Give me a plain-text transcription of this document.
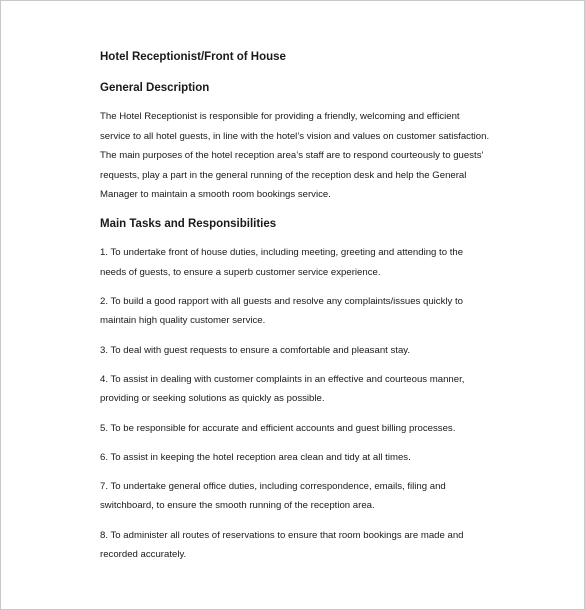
Hotel Receptionist/Front of House
General Description

The Hotel Receptionist is responsible for providing a friendly, welcoming and efficient
service to all hotel guests, in line with the hotel’s vision and values on customer satisfaction.
The main purposes of the hotel reception area’s staff are to respond courteously to guests’
requests, play a part in the general running of the reception desk and help the General
Manager to maintain a smooth room bookings service.

Main Tasks and Responsibilities

1. To undertake front of house duties, including meeting, greeting and attending to the
needs of guests, to ensure a superb customer service experience.

2. To build a good rapport with all guests and resolve any complaints/issues quickly to
maintain high quality customer service.

3. To deal with guest requests to ensure a comfortable and pleasant stay.

4. To assist in dealing with customer complaints in an effective and courteous manner,
providing or seeking solutions as quickly as possible.

5. To be responsible for accurate and efficient accounts and guest billing processes.

6. To assist in keeping the hotel reception area clean and tidy at all times.

7. To undertake general office duties, including correspondence, emails, filing and
switchboard, to ensure the smooth running of the reception area.

8. To administer all routes of reservations to ensure that room bookings are made and
recorded accurately.
